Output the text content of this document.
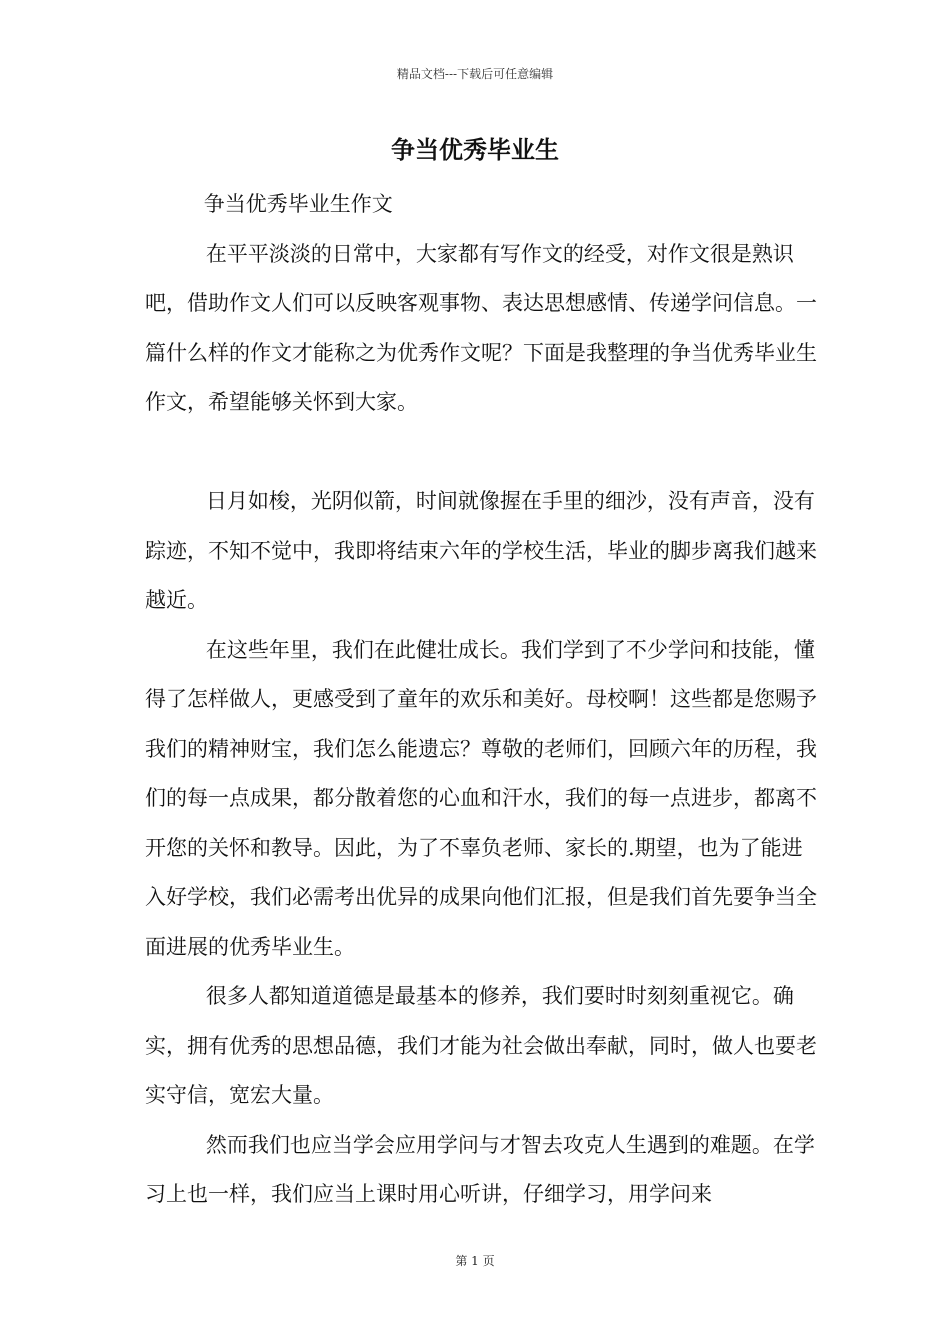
精品文档---下载后可任意编辑
争当优秀毕业生

争当优秀毕业生作文

在平平淡淡的日常中，大家都有写作文的经受，对作文很是熟识吧，借助作文人们可以反映客观事物、表达思想感情、传递学问信息。一篇什么样的作文才能称之为优秀作文呢？下面是我整理的争当优秀毕业生作文，希望能够关怀到大家。

日月如梭，光阴似箭，时间就像握在手里的细沙，没有声音，没有踪迹，不知不觉中，我即将结束六年的学校生活，毕业的脚步离我们越来越近。

在这些年里，我们在此健壮成长。我们学到了不少学问和技能，懂得了怎样做人，更感受到了童年的欢乐和美好。母校啊！这些都是您赐予我们的精神财宝，我们怎么能遗忘？尊敬的老师们，回顾六年的历程，我们的每一点成果，都分散着您的心血和汗水，我们的每一点进步，都离不开您的关怀和教导。因此，为了不辜负老师、家长的.期望，也为了能进入好学校，我们必需考出优异的成果向他们汇报，但是我们首先要争当全面进展的优秀毕业生。

很多人都知道道德是最基本的修养，我们要时时刻刻重视它。确实，拥有优秀的思想品德，我们才能为社会做出奉献，同时，做人也要老实守信，宽宏大量。

然而我们也应当学会应用学问与才智去攻克人生遇到的难题。在学习上也一样，我们应当上课时用心听讲，仔细学习，用学问来

第 1 页
